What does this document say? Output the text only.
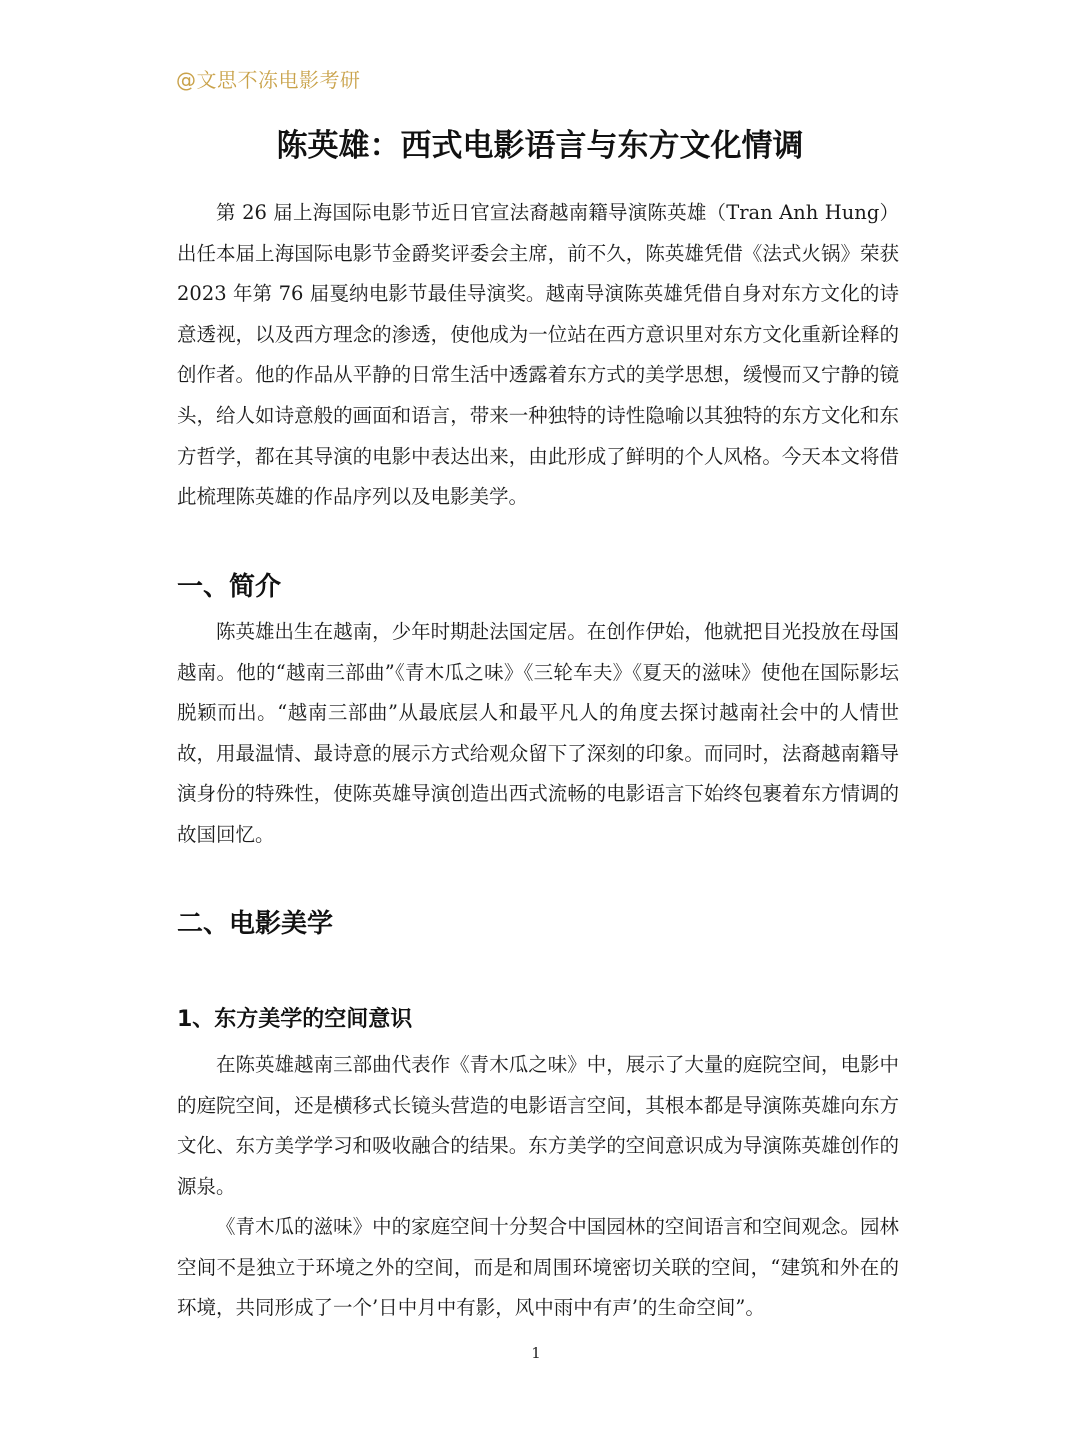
@文思不冻电影考研
陈英雄：西式电影语言与东方文化情调

第 26 届上海国际电影节近日官宣法裔越南籍导演陈英雄（Tran Anh Hung）出任本届上海国际电影节金爵奖评委会主席，前不久，陈英雄凭借《法式火锅》荣获 2023 年第 76 届戛纳电影节最佳导演奖。越南导演陈英雄凭借自身对东方文化的诗意透视，以及西方理念的渗透，使他成为一位站在西方意识里对东方文化重新诠释的创作者。他的作品从平静的日常生活中透露着东方式的美学思想，缓慢而又宁静的镜头，给人如诗意般的画面和语言，带来一种独特的诗性隐喻以其独特的东方文化和东方哲学，都在其导演的电影中表达出来，由此形成了鲜明的个人风格。今天本文将借此梳理陈英雄的作品序列以及电影美学。

一、简介

陈英雄出生在越南，少年时期赴法国定居。在创作伊始，他就把目光投放在母国越南。他的“越南三部曲”《青木瓜之味》《三轮车夫》《夏天的滋味》使他在国际影坛脱颖而出。“越南三部曲”从最底层人和最平凡人的角度去探讨越南社会中的人情世故，用最温情、最诗意的展示方式给观众留下了深刻的印象。而同时，法裔越南籍导演身份的特殊性，使陈英雄导演创造出西式流畅的电影语言下始终包裹着东方情调的故国回忆。

二、电影美学
1、东方美学的空间意识

在陈英雄越南三部曲代表作《青木瓜之味》中，展示了大量的庭院空间，电影中的庭院空间，还是横移式长镜头营造的电影语言空间，其根本都是导演陈英雄向东方文化、东方美学学习和吸收融合的结果。东方美学的空间意识成为导演陈英雄创作的源泉。

《青木瓜的滋味》中的家庭空间十分契合中国园林的空间语言和空间观念。园林空间不是独立于环境之外的空间，而是和周围环境密切关联的空间，“建筑和外在的环境，共同形成了一个’日中月中有影，风中雨中有声’的生命空间”。

1
